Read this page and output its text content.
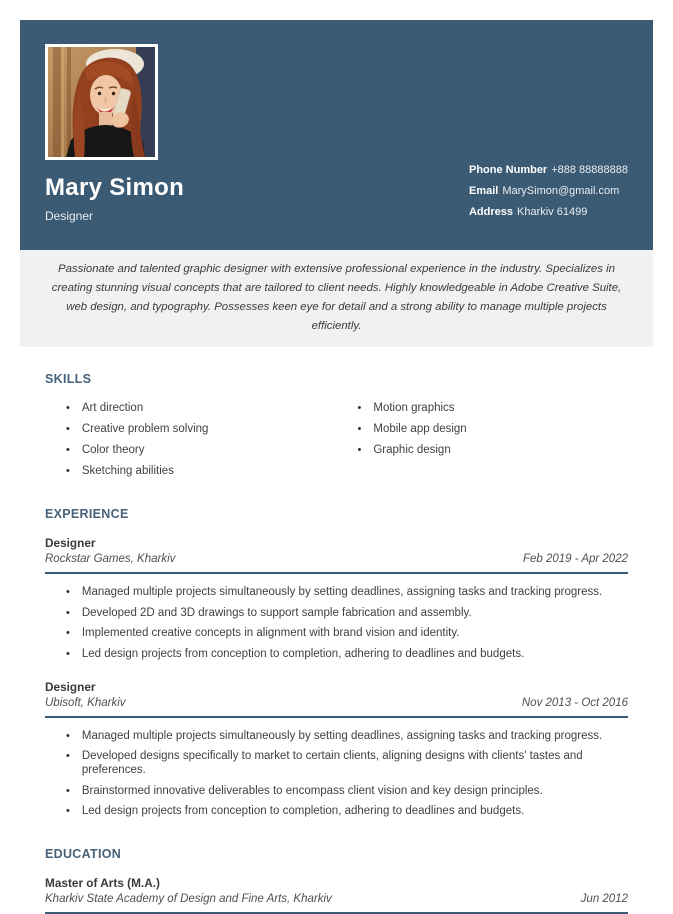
Mary Simon
Designer
Phone Number +888 88888888
Email MarySimon@gmail.com
Address Kharkiv 61499
Passionate and talented graphic designer with extensive professional experience in the industry. Specializes in creating stunning visual concepts that are tailored to client needs. Highly knowledgeable in Adobe Creative Suite, web design, and typography. Possesses keen eye for detail and a strong ability to manage multiple projects efficiently.
SKILLS
• Art direction
• Creative problem solving
• Color theory
• Sketching abilities
• Motion graphics
• Mobile app design
• Graphic design
EXPERIENCE
Designer
Rockstar Games, Kharkiv	Feb 2019 - Apr 2022
• Managed multiple projects simultaneously by setting deadlines, assigning tasks and tracking progress.
• Developed 2D and 3D drawings to support sample fabrication and assembly.
• Implemented creative concepts in alignment with brand vision and identity.
• Led design projects from conception to completion, adhering to deadlines and budgets.
Designer
Ubisoft, Kharkiv	Nov 2013 - Oct 2016
• Managed multiple projects simultaneously by setting deadlines, assigning tasks and tracking progress.
• Developed designs specifically to market to certain clients, aligning designs with clients' tastes and preferences.
• Brainstormed innovative deliverables to encompass client vision and key design principles.
• Led design projects from conception to completion, adhering to deadlines and budgets.
EDUCATION
Master of Arts (M.A.)
Kharkiv State Academy of Design and Fine Arts, Kharkiv	Jun 2012
